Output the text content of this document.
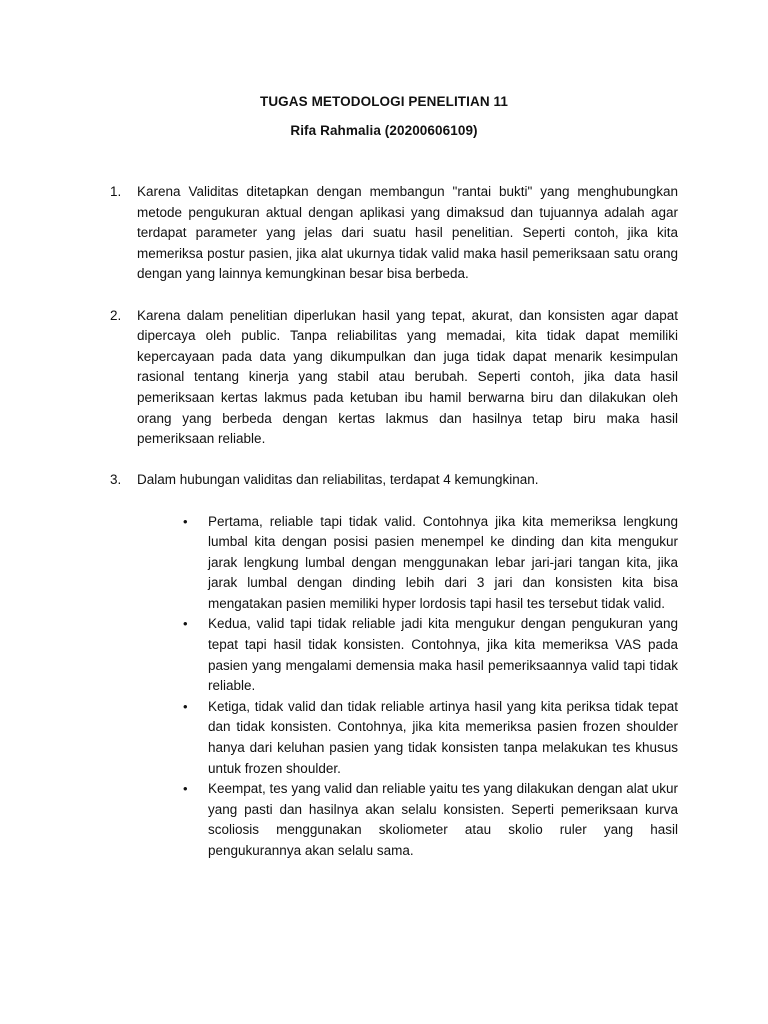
TUGAS METODOLOGI PENELITIAN 11
Rifa Rahmalia (20200606109)
1. Karena Validitas ditetapkan dengan membangun "rantai bukti" yang menghubungkan metode pengukuran aktual dengan aplikasi yang dimaksud dan tujuannya adalah agar terdapat parameter yang jelas dari suatu hasil penelitian. Seperti contoh, jika kita memeriksa postur pasien, jika alat ukurnya tidak valid maka hasil pemeriksaan satu orang dengan yang lainnya kemungkinan besar bisa berbeda.
2. Karena dalam penelitian diperlukan hasil yang tepat, akurat, dan konsisten agar dapat dipercaya oleh public. Tanpa reliabilitas yang memadai, kita tidak dapat memiliki kepercayaan pada data yang dikumpulkan dan juga tidak dapat menarik kesimpulan rasional tentang kinerja yang stabil atau berubah. Seperti contoh, jika data hasil pemeriksaan kertas lakmus pada ketuban ibu hamil berwarna biru dan dilakukan oleh orang yang berbeda dengan kertas lakmus dan hasilnya tetap biru maka hasil pemeriksaan reliable.
3. Dalam hubungan validitas dan reliabilitas, terdapat 4 kemungkinan.
• Pertama, reliable tapi tidak valid. Contohnya jika kita memeriksa lengkung lumbal kita dengan posisi pasien menempel ke dinding dan kita mengukur jarak lengkung lumbal dengan menggunakan lebar jari-jari tangan kita, jika jarak lumbal dengan dinding lebih dari 3 jari dan konsisten kita bisa mengatakan pasien memiliki hyper lordosis tapi hasil tes tersebut tidak valid.
• Kedua, valid tapi tidak reliable jadi kita mengukur dengan pengukuran yang tepat tapi hasil tidak konsisten. Contohnya, jika kita memeriksa VAS pada pasien yang mengalami demensia maka hasil pemeriksaannya valid tapi tidak reliable.
• Ketiga, tidak valid dan tidak reliable artinya hasil yang kita periksa tidak tepat dan tidak konsisten. Contohnya, jika kita memeriksa pasien frozen shoulder hanya dari keluhan pasien yang tidak konsisten tanpa melakukan tes khusus untuk frozen shoulder.
• Keempat, tes yang valid dan reliable yaitu tes yang dilakukan dengan alat ukur yang pasti dan hasilnya akan selalu konsisten. Seperti pemeriksaan kurva scoliosis menggunakan skoliometer atau skolio ruler yang hasil pengukurannya akan selalu sama.
